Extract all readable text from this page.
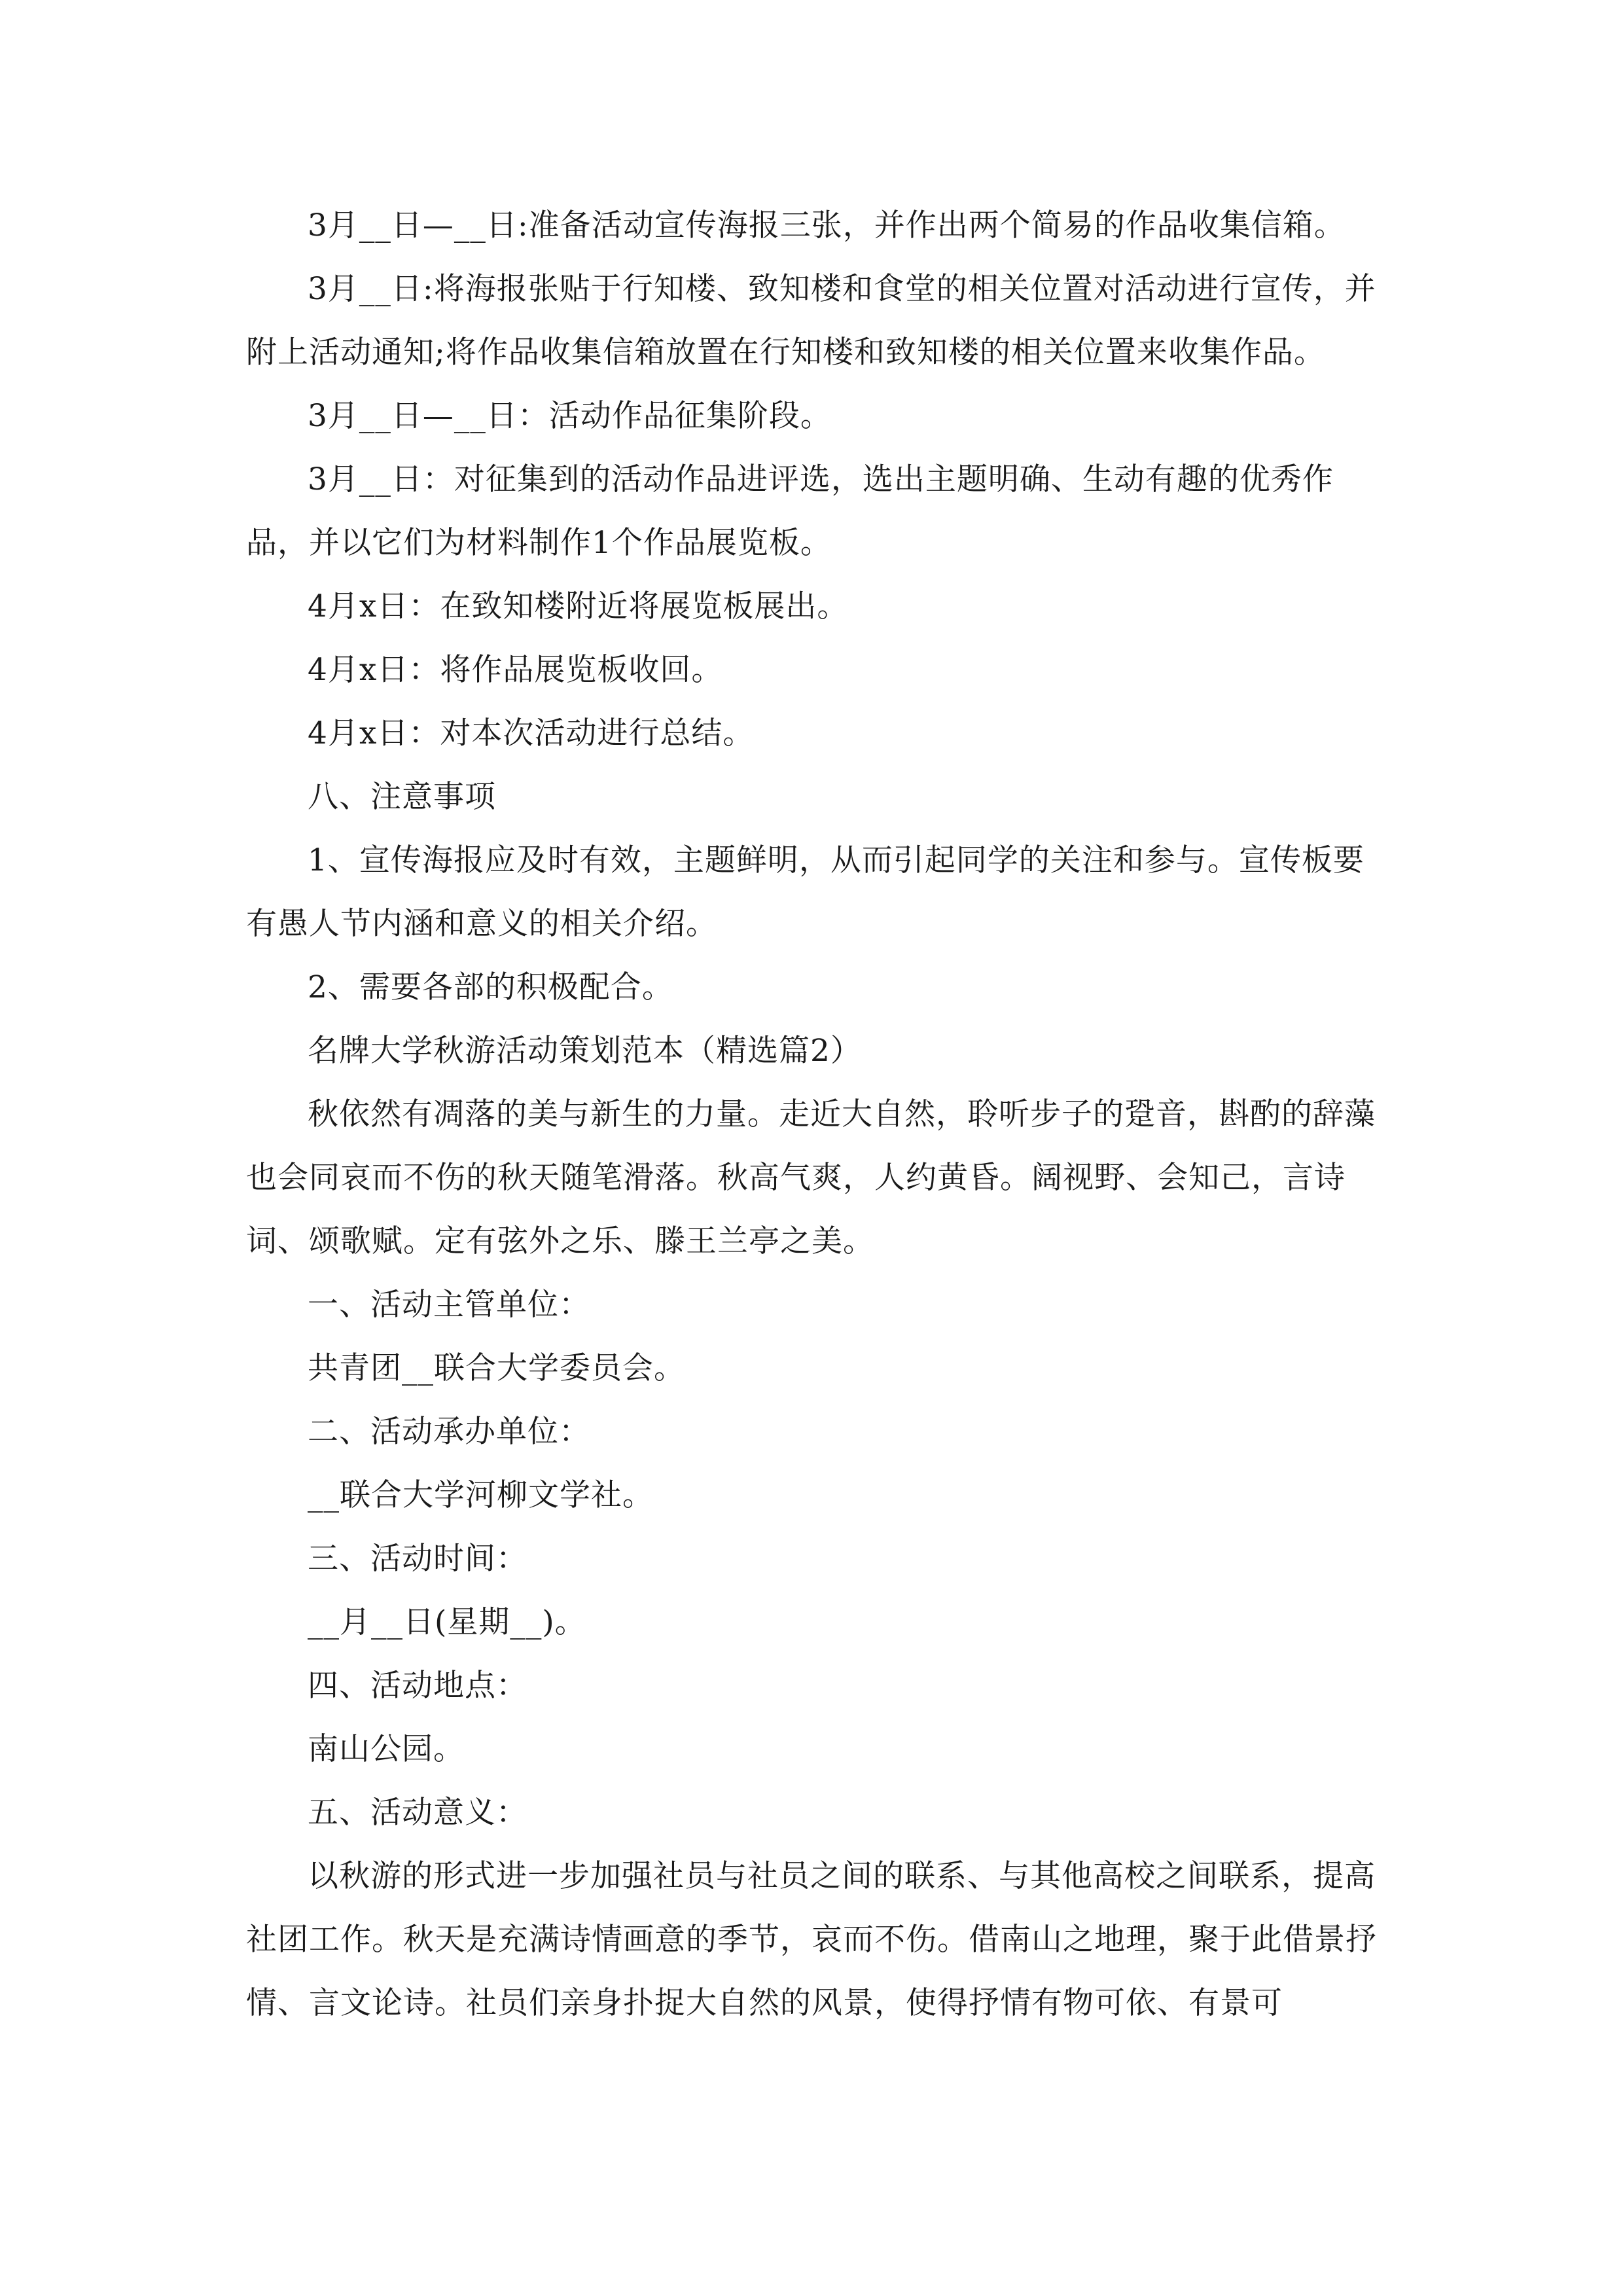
3月__日—__日:准备活动宣传海报三张，并作出两个简易的作品收集信箱。

3月__日:将海报张贴于行知楼、致知楼和食堂的相关位置对活动进行宣传，并附上活动通知;将作品收集信箱放置在行知楼和致知楼的相关位置来收集作品。

3月__日—__日：活动作品征集阶段。

3月__日：对征集到的活动作品进评选，选出主题明确、生动有趣的优秀作品，并以它们为材料制作1个作品展览板。

4月x日：在致知楼附近将展览板展出。

4月x日：将作品展览板收回。

4月x日：对本次活动进行总结。

八、注意事项

1、宣传海报应及时有效，主题鲜明，从而引起同学的关注和参与。宣传板要有愚人节内涵和意义的相关介绍。

2、需要各部的积极配合。

名牌大学秋游活动策划范本（精选篇2）

秋依然有凋落的美与新生的力量。走近大自然，聆听步子的跫音，斟酌的辞藻也会同哀而不伤的秋天随笔滑落。秋高气爽，人约黄昏。阔视野、会知己，言诗词、颂歌赋。定有弦外之乐、滕王兰亭之美。

一、活动主管单位：

共青团__联合大学委员会。

二、活动承办单位：

__联合大学河柳文学社。

三、活动时间：

__月__日(星期__)。

四、活动地点：

南山公园。

五、活动意义：

以秋游的形式进一步加强社员与社员之间的联系、与其他高校之间联系，提高社团工作。秋天是充满诗情画意的季节，哀而不伤。借南山之地理，聚于此借景抒情、言文论诗。社员们亲身扑捉大自然的风景，使得抒情有物可依、有景可
